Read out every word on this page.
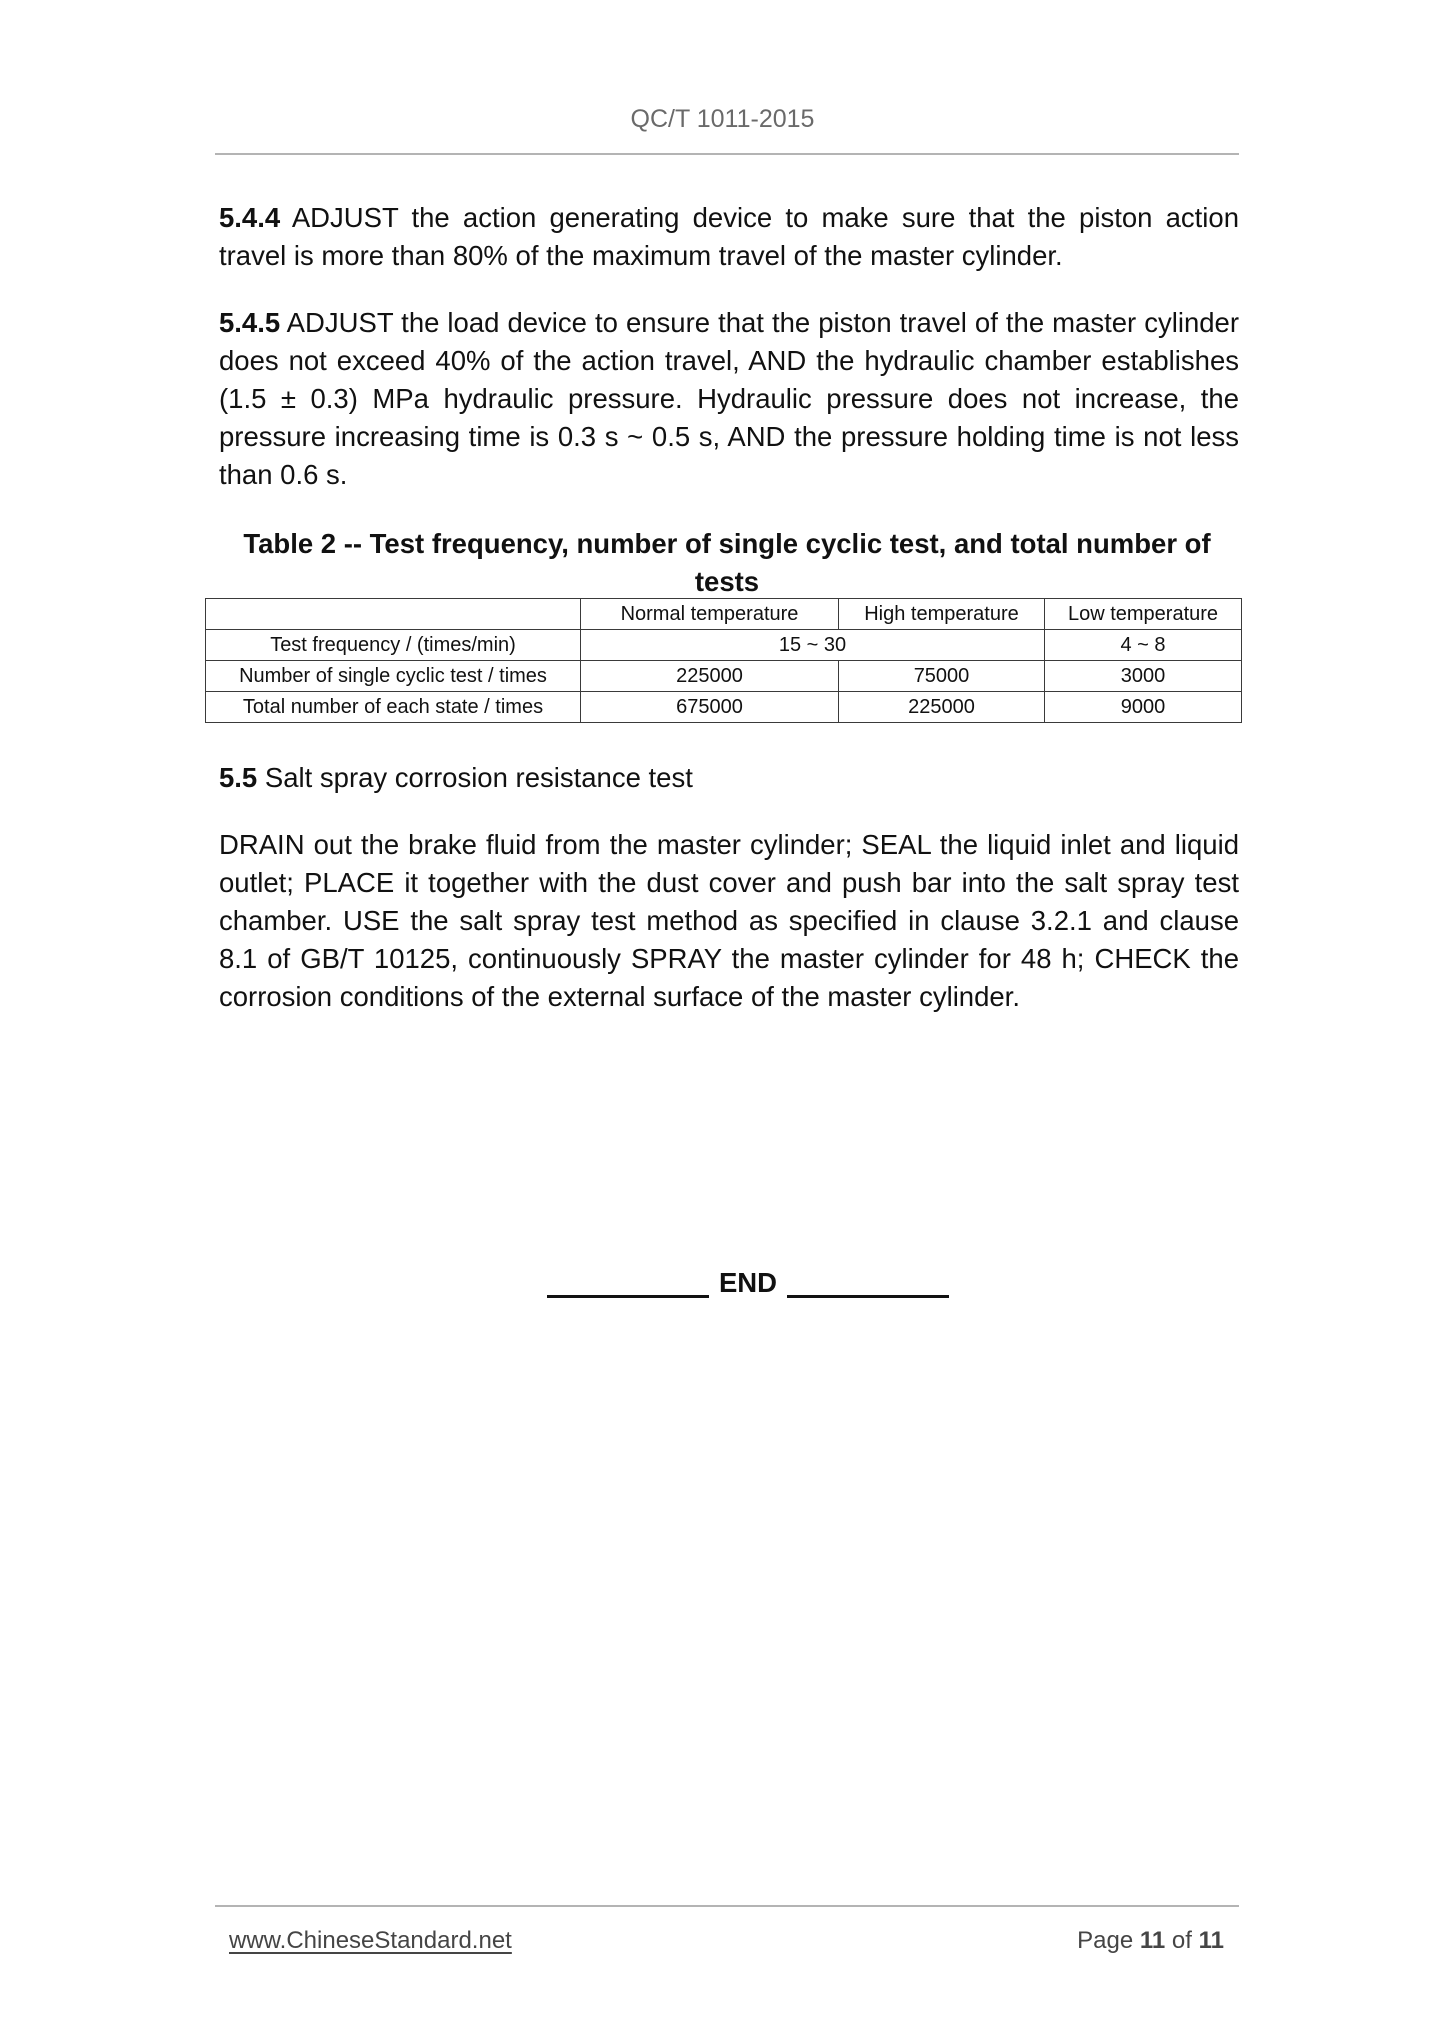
QC/T 1011-2015

5.4.4 ADJUST the action generating device to make sure that the piston action travel is more than 80% of the maximum travel of the master cylinder.

5.4.5 ADJUST the load device to ensure that the piston travel of the master cylinder does not exceed 40% of the action travel, AND the hydraulic chamber establishes (1.5 ± 0.3) MPa hydraulic pressure. Hydraulic pressure does not increase, the pressure increasing time is 0.3 s ~ 0.5 s, AND the pressure holding time is not less than 0.6 s.

Table 2 -- Test frequency, number of single cyclic test, and total number of tests
	Normal temperature	High temperature	Low temperature
Test frequency / (times/min)	15 ~ 30		4 ~ 8
Number of single cyclic test / times	225000	75000	3000
Total number of each state / times	675000	225000	9000

5.5 Salt spray corrosion resistance test

DRAIN out the brake fluid from the master cylinder; SEAL the liquid inlet and liquid outlet; PLACE it together with the dust cover and push bar into the salt spray test chamber. USE the salt spray test method as specified in clause 3.2.1 and clause 8.1 of GB/T 10125, continuously SPRAY the master cylinder for 48 h; CHECK the corrosion conditions of the external surface of the master cylinder.

END
www.ChineseStandard.net	Page 11 of 11
